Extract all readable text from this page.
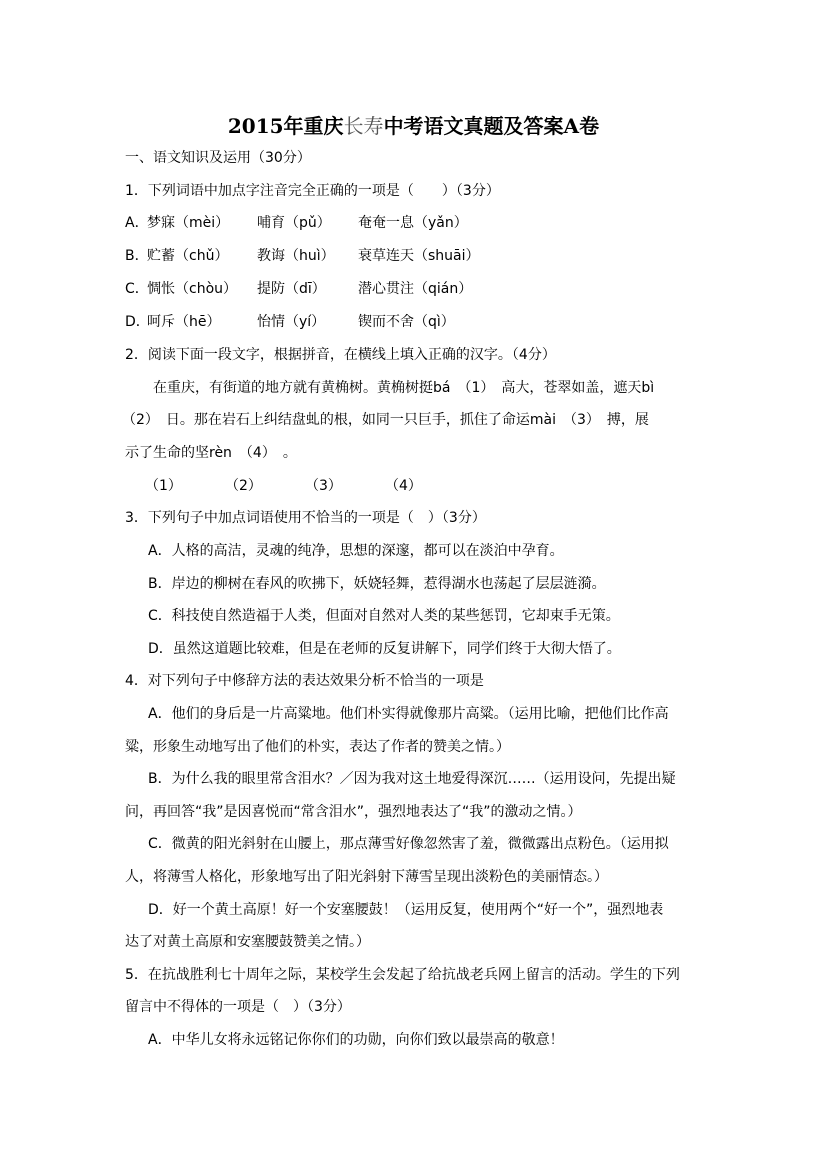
2015年重庆长寿中考语文真题及答案A卷
一、语文知识及运用（30分）
1．下列词语中加点字注音完全正确的一项是（　　）（3分）
A．
梦寐（mèi） 哺育（pǔ） 奄奄一息（yǎn）
B．
贮蓄（chǔ） 教诲（huì） 衰草连天（shuāi）
C．
惆怅（chòu） 提防（dī） 潜心贯注（qián）
D．
呵斥（hē）	怡情（yí） 锲而不舍（qì）
2．阅读下面一段文字，根据拼音，在横线上填入正确的汉字。（4分）
在重庆，有街道的地方就有黄桷树。黄桷树挺bá　（1）　高大，苍翠如盖，遮天bì
（2）　日。那在岩石上纠结盘虬的根，如同一只巨手，抓住了命运mài　（3）　搏，展
示了生命的坚rèn　（4）　。
（1）	（2）	（3）	（4）
3．下列句子中加点词语使用不恰当的一项是（　）（3分）
A．人格的高洁，灵魂的纯净，思想的深邃，都可以在淡泊中孕育。
B．岸边的柳树在春风的吹拂下，妖娆轻舞，惹得湖水也荡起了层层涟漪。
C．科技使自然造福于人类，但面对自然对人类的某些惩罚，它却束手无策。
D．虽然这道题比较难，但是在老师的反复讲解下，同学们终于大彻大悟了。
4．对下列句子中修辞方法的表达效果分析不恰当的一项是
A．他们的身后是一片高粱地。他们朴实得就像那片高粱。（运用比喻，把他们比作高
粱，形象生动地写出了他们的朴实，表达了作者的赞美之情。）
B．为什么我的眼里常含泪水？／因为我对这土地爱得深沉……（运用设问，先提出疑
问，再回答“我”是因喜悦而“常含泪水”，强烈地表达了“我”的激动之情。）
C．微黄的阳光斜射在山腰上，那点薄雪好像忽然害了羞，微微露出点粉色。（运用拟
人，将薄雪人格化，形象地写出了阳光斜射下薄雪呈现出淡粉色的美丽情态。）
D．好一个黄土高原！好一个安塞腰鼓！（运用反复，使用两个“好一个”，强烈地表
达了对黄土高原和安塞腰鼓赞美之情。）
5．在抗战胜利七十周年之际，某校学生会发起了给抗战老兵网上留言的活动。学生的下列
留言中不得体的一项是（　）（3分）
A．中华儿女将永远铭记你你们的功勋，向你们致以最崇高的敬意！
